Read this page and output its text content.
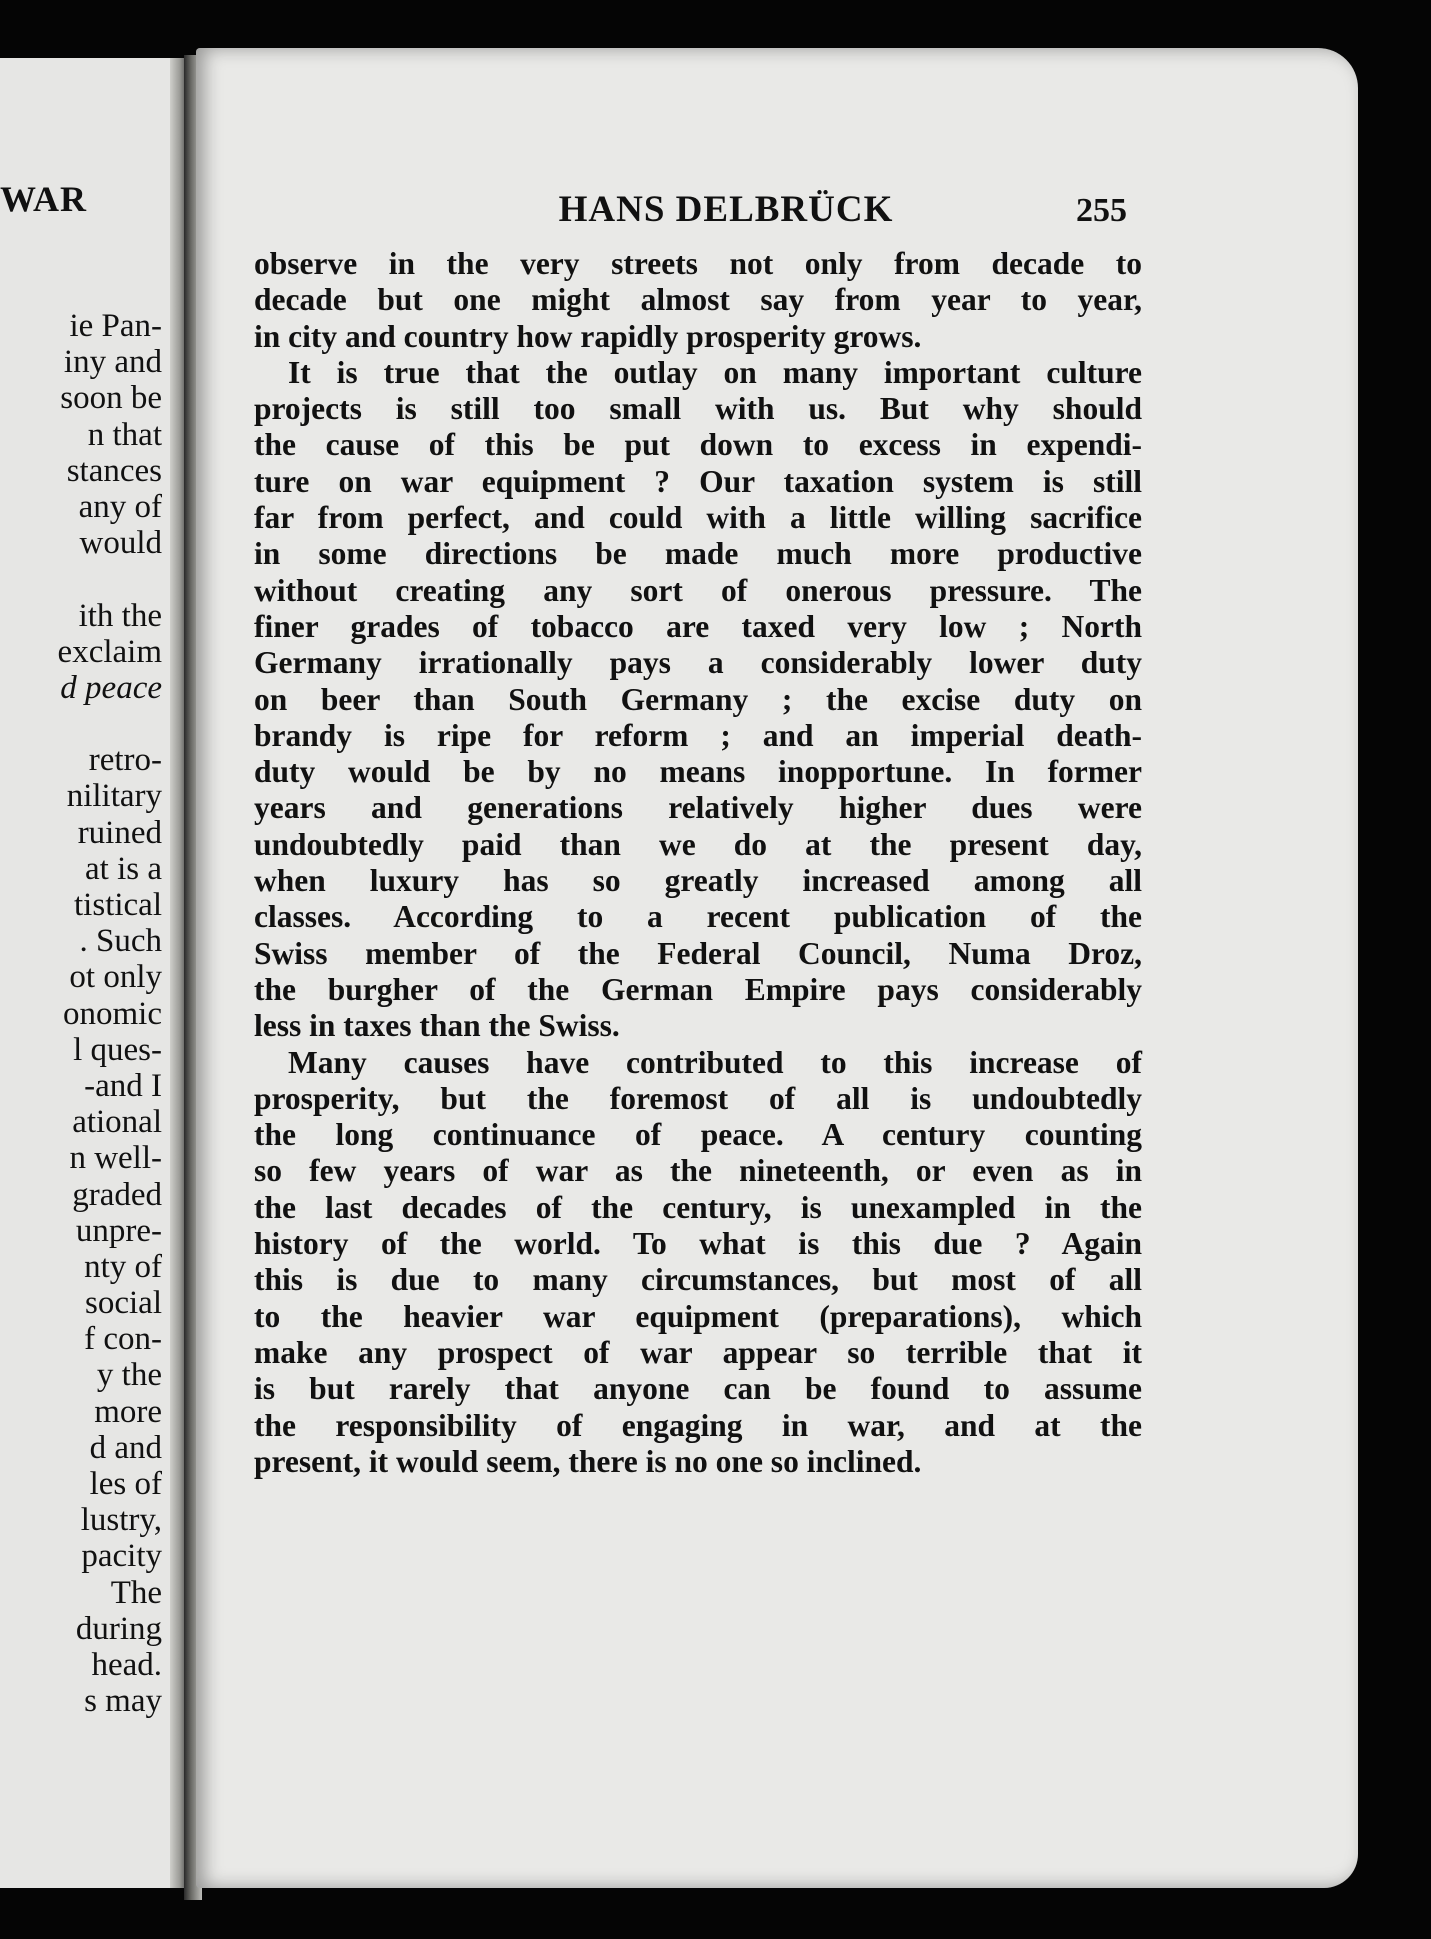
WAR
ie Pan-
iny and
soon be
n that
stances
any of
would
ith the
exclaim
d peace
retro-
nilitary
ruined
at is a
tistical
. Such
ot only
onomic
l ques-
-and I
ational
n well-
graded
unpre-
nty of
social
f con-
y the
more
d and
les of
lustry,
pacity
The
during
head.
s may
HANS DELBRÜCK	255
observe in the very streets not only from decade to
decade but one might almost say from year to year,
in city and country how rapidly prosperity grows.
It is true that the outlay on many important culture
projects is still too small with us. But why should
the cause of this be put down to excess in expendi-
ture on war equipment ? Our taxation system is still
far from perfect, and could with a little willing sacrifice
in some directions be made much more productive
without creating any sort of onerous pressure. The
finer grades of tobacco are taxed very low ; North
Germany irrationally pays a considerably lower duty
on beer than South Germany ; the excise duty on
brandy is ripe for reform ; and an imperial death-
duty would be by no means inopportune. In former
years and generations relatively higher dues were
undoubtedly paid than we do at the present day,
when luxury has so greatly increased among all
classes. According to a recent publication of the
Swiss member of the Federal Council, Numa Droz,
the burgher of the German Empire pays considerably
less in taxes than the Swiss.
Many causes have contributed to this increase of
prosperity, but the foremost of all is undoubtedly
the long continuance of peace. A century counting
so few years of war as the nineteenth, or even as in
the last decades of the century, is unexampled in the
history of the world. To what is this due ? Again
this is due to many circumstances, but most of all
to the heavier war equipment (preparations), which
make any prospect of war appear so terrible that it
is but rarely that anyone can be found to assume
the responsibility of engaging in war, and at the
present, it would seem, there is no one so inclined.
